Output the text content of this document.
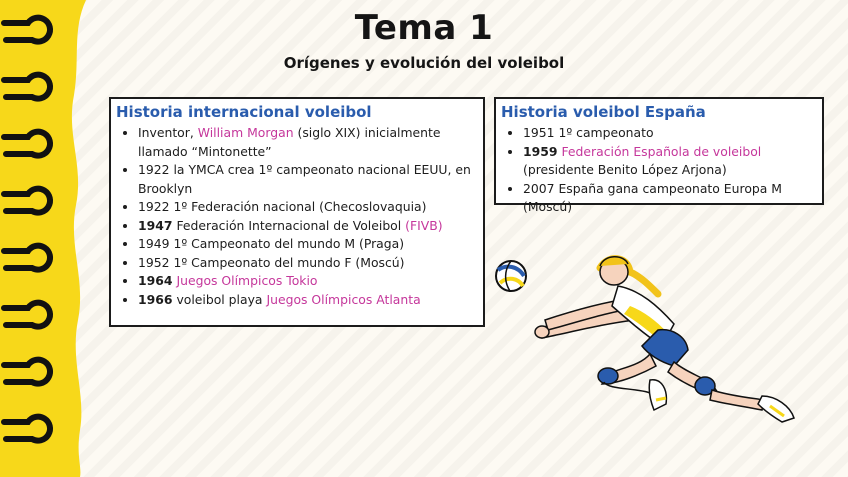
Tema 1
Orígenes y evolución del voleibol
Historia internacional voleibol
• Inventor, William Morgan (siglo XIX) inicialmente llamado “Mintonette”
• 1922 la YMCA crea 1º campeonato nacional EEUU, en Brooklyn
• 1922 1º Federación nacional (Checoslovaquia)
• 1947 Federación Internacional de Voleibol (FIVB)
• 1949 1º Campeonato del mundo M (Praga)
• 1952 1º Campeonato del mundo F (Moscú)
• 1964 Juegos Olímpicos Tokio
• 1966 voleibol playa Juegos Olímpicos Atlanta
Historia voleibol España
• 1951 1º campeonato
• 1959 Federación Española de voleibol (presidente Benito López Arjona)
• 2007 España gana campeonato Europa M (Moscú)
